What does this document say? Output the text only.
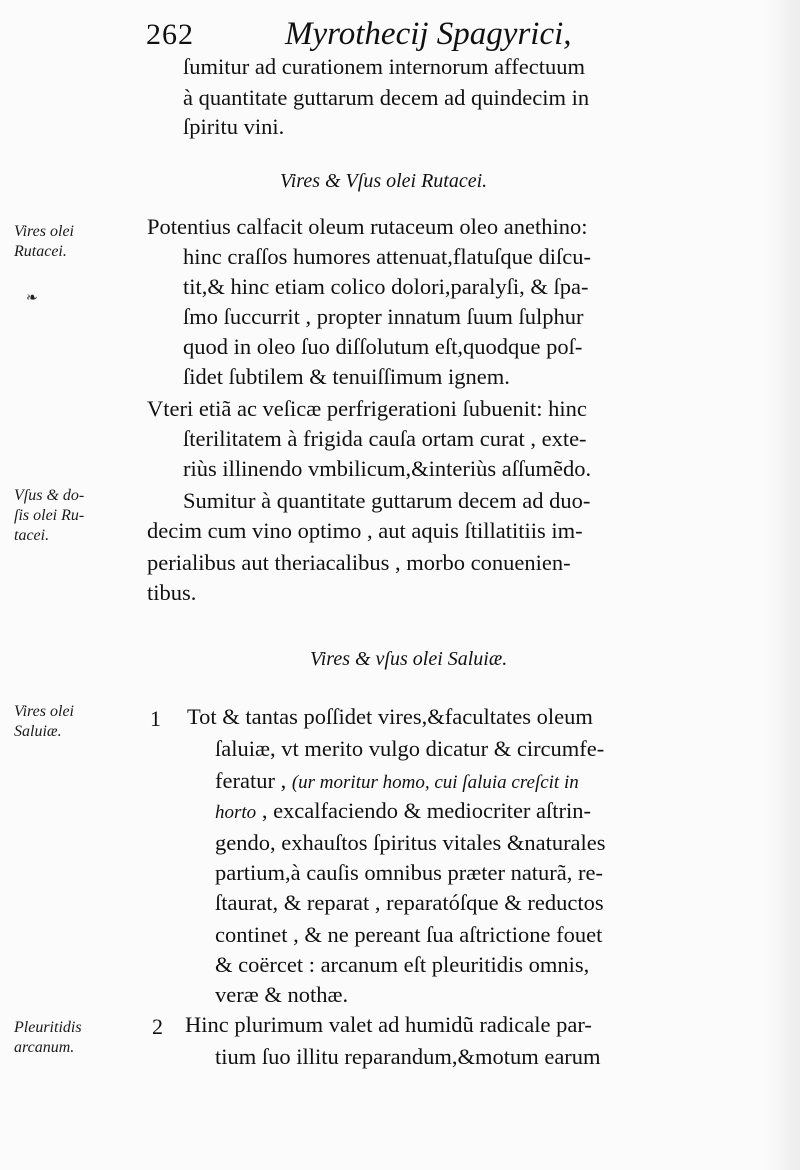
262	Myrothecij Spagyrici,
ſumitur ad curationem internorum affectuum
à quantitate guttarum decem ad quindecim in
ſpiritu vini.
Vires & Vſus olei Rutacei.
Vires olei
Rutacei.
❧
Potentius calfacit oleum rutaceum oleo anethino:
hinc craſſos humores attenuat,flatuſque diſcu-
tit,& hinc etiam colico dolori,paralyſi, & ſpa-
ſmo ſuccurrit , propter innatum ſuum ſulphur
quod in oleo ſuo diſſolutum eſt,quodque poſ-
ſidet ſubtilem & tenuiſſimum ignem.
Vteri etiã ac veſicæ perfrigerationi ſubuenit: hinc
ſterilitatem à frigida cauſa ortam curat , exte-
riùs illinendo vmbilicum,&interiùs aſſumẽdo.
Sumitur à quantitate guttarum decem ad duo-
decim cum vino optimo , aut aquis ſtillatitiis im-
perialibus aut theriacalibus , morbo conuenien-
tibus.
Vſus & do-
ſis olei Ru-
tacei.
Vires & vſus olei Saluiæ.
Vires olei
Saluiæ.
1 Tot & tantas poſſidet vires,&facultates oleum
ſaluiæ, vt merito vulgo dicatur & circumfe-
feratur , (ur moritur homo, cui ſaluia creſcit in
horto , excalfaciendo & mediocriter aſtrin-
gendo, exhauſtos ſpiritus vitales &naturales
partium,à cauſis omnibus præter naturã, re-
ſtaurat, & reparat , reparatóſque & reductos
continet , & ne pereant ſua aſtrictione fouet
& coërcet : arcanum eſt pleuritidis omnis,
veræ & nothæ.
Pleuritidis
arcanum.
2 Hinc plurimum valet ad humidũ radicale par-
tium ſuo illitu reparandum,&motum earum
